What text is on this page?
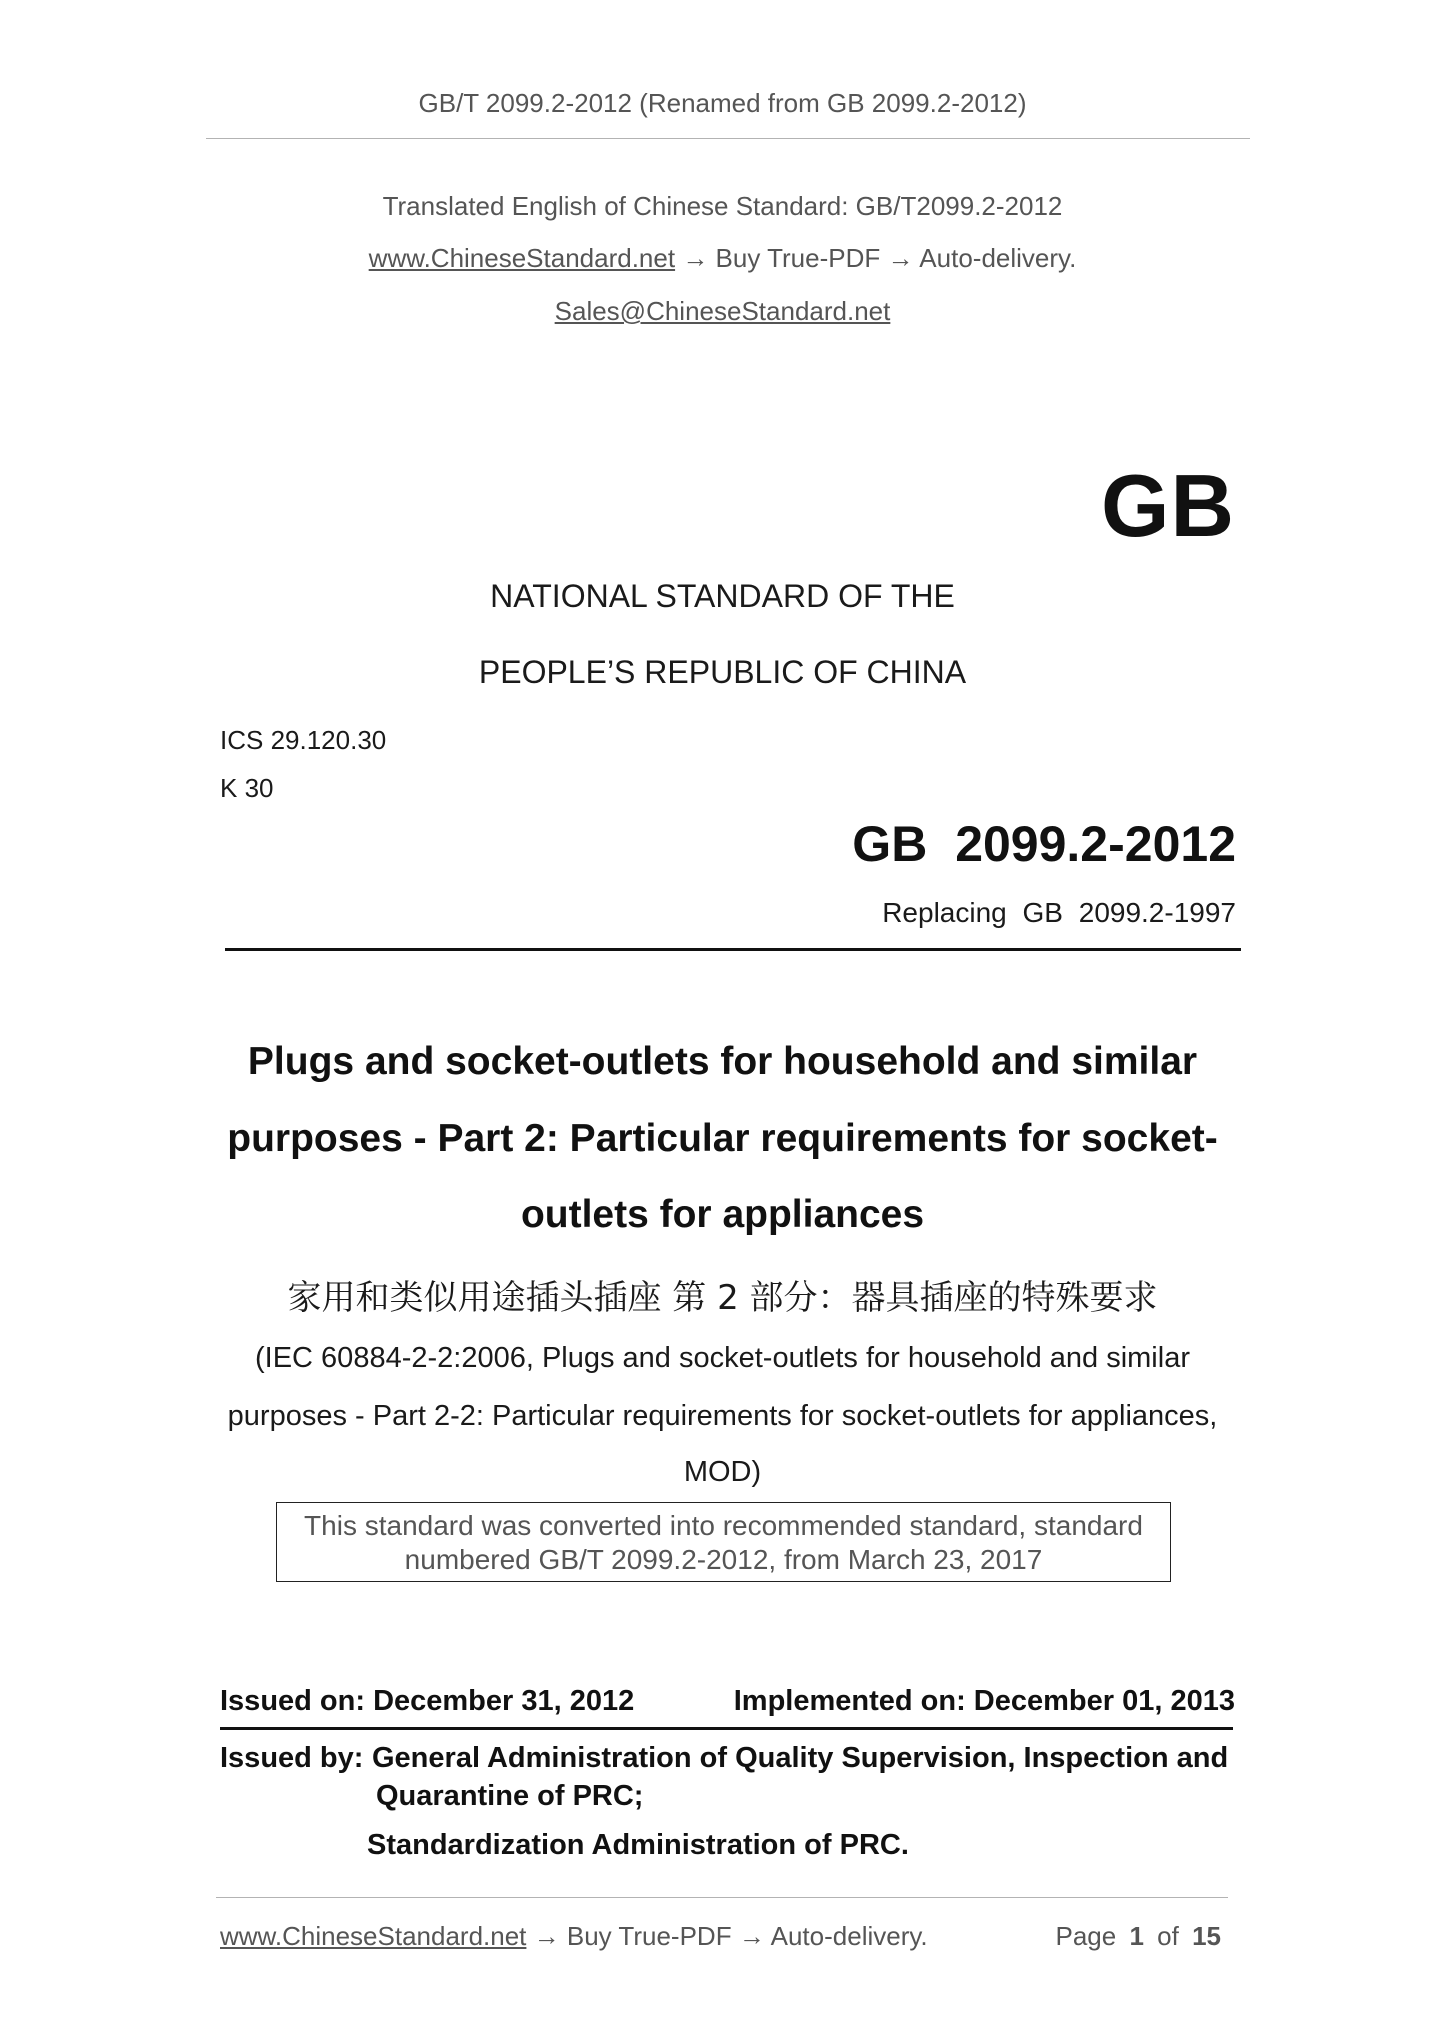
GB/T 2099.2-2012 (Renamed from GB 2099.2-2012)
Translated English of Chinese Standard: GB/T2099.2-2012
www.ChineseStandard.net → Buy True-PDF → Auto-delivery.
Sales@ChineseStandard.net
GB
NATIONAL STANDARD OF THE
PEOPLE’S REPUBLIC OF CHINA
ICS 29.120.30
K 30
GB 2099.2-2012
Replacing GB 2099.2-1997
Plugs and socket-outlets for household and similar
purposes - Part 2: Particular requirements for socket-
outlets for appliances
家用和类似用途插头插座 第 2 部分：器具插座的特殊要求
(IEC 60884-2-2:2006, Plugs and socket-outlets for household and similar
purposes - Part 2-2: Particular requirements for socket-outlets for appliances,
MOD)
This standard was converted into recommended standard, standard
numbered GB/T 2099.2-2012, from March 23, 2017
Issued on: December 31, 2012	Implemented on: December 01, 2013
Issued by: General Administration of Quality Supervision, Inspection and
Quarantine of PRC;
Standardization Administration of PRC.
www.ChineseStandard.net → Buy True-PDF → Auto-delivery.	Page 1 of 15
